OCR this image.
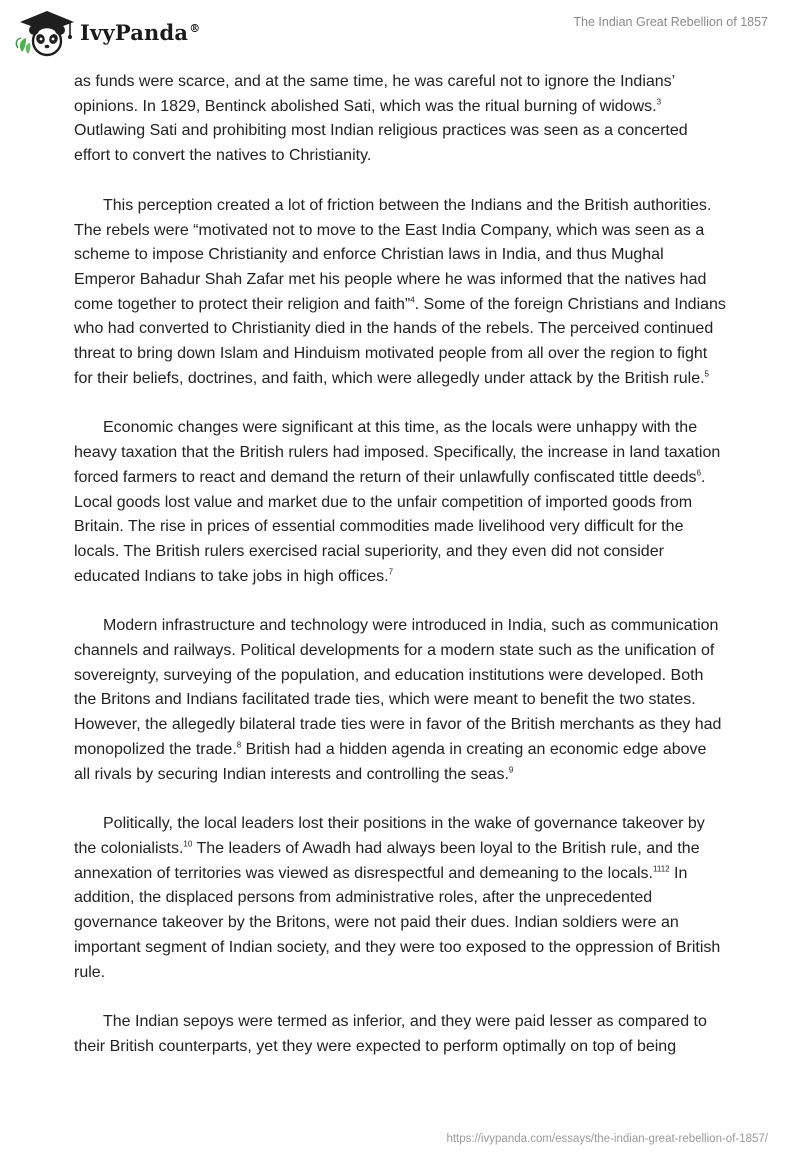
IvyPanda®	The Indian Great Rebellion of 1857

as funds were scarce, and at the same time, he was careful not to ignore the Indians’ opinions. In 1829, Bentinck abolished Sati, which was the ritual burning of widows.$^3$ Outlawing Sati and prohibiting most Indian religious practices was seen as a concerted effort to convert the natives to Christianity.

This perception created a lot of friction between the Indians and the British authorities. The rebels were “motivated not to move to the East India Company, which was seen as a scheme to impose Christianity and enforce Christian laws in India, and thus Mughal Emperor Bahadur Shah Zafar met his people where he was informed that the natives had come together to protect their religion and faith”$^4$. Some of the foreign Christians and Indians who had converted to Christianity died in the hands of the rebels. The perceived continued threat to bring down Islam and Hinduism motivated people from all over the region to fight for their beliefs, doctrines, and faith, which were allegedly under attack by the British rule.$^5$

Economic changes were significant at this time, as the locals were unhappy with the heavy taxation that the British rulers had imposed. Specifically, the increase in land taxation forced farmers to react and demand the return of their unlawfully confiscated tittle deeds$^6$. Local goods lost value and market due to the unfair competition of imported goods from Britain. The rise in prices of essential commodities made livelihood very difficult for the locals. The British rulers exercised racial superiority, and they even did not consider educated Indians to take jobs in high offices.$^7$

Modern infrastructure and technology were introduced in India, such as communication channels and railways. Political developments for a modern state such as the unification of sovereignty, surveying of the population, and education institutions were developed. Both the Britons and Indians facilitated trade ties, which were meant to benefit the two states. However, the allegedly bilateral trade ties were in favor of the British merchants as they had monopolized the trade.$^8$ British had a hidden agenda in creating an economic edge above all rivals by securing Indian interests and controlling the seas.$^9$

Politically, the local leaders lost their positions in the wake of governance takeover by the colonialists.$^{10}$ The leaders of Awadh had always been loyal to the British rule, and the annexation of territories was viewed as disrespectful and demeaning to the locals.$^{1112}$ In addition, the displaced persons from administrative roles, after the unprecedented governance takeover by the Britons, were not paid their dues. Indian soldiers were an important segment of Indian society, and they were too exposed to the oppression of British rule.

The Indian sepoys were termed as inferior, and they were paid lesser as compared to their British counterparts, yet they were expected to perform optimally on top of being

https://ivypanda.com/essays/the-indian-great-rebellion-of-1857/
